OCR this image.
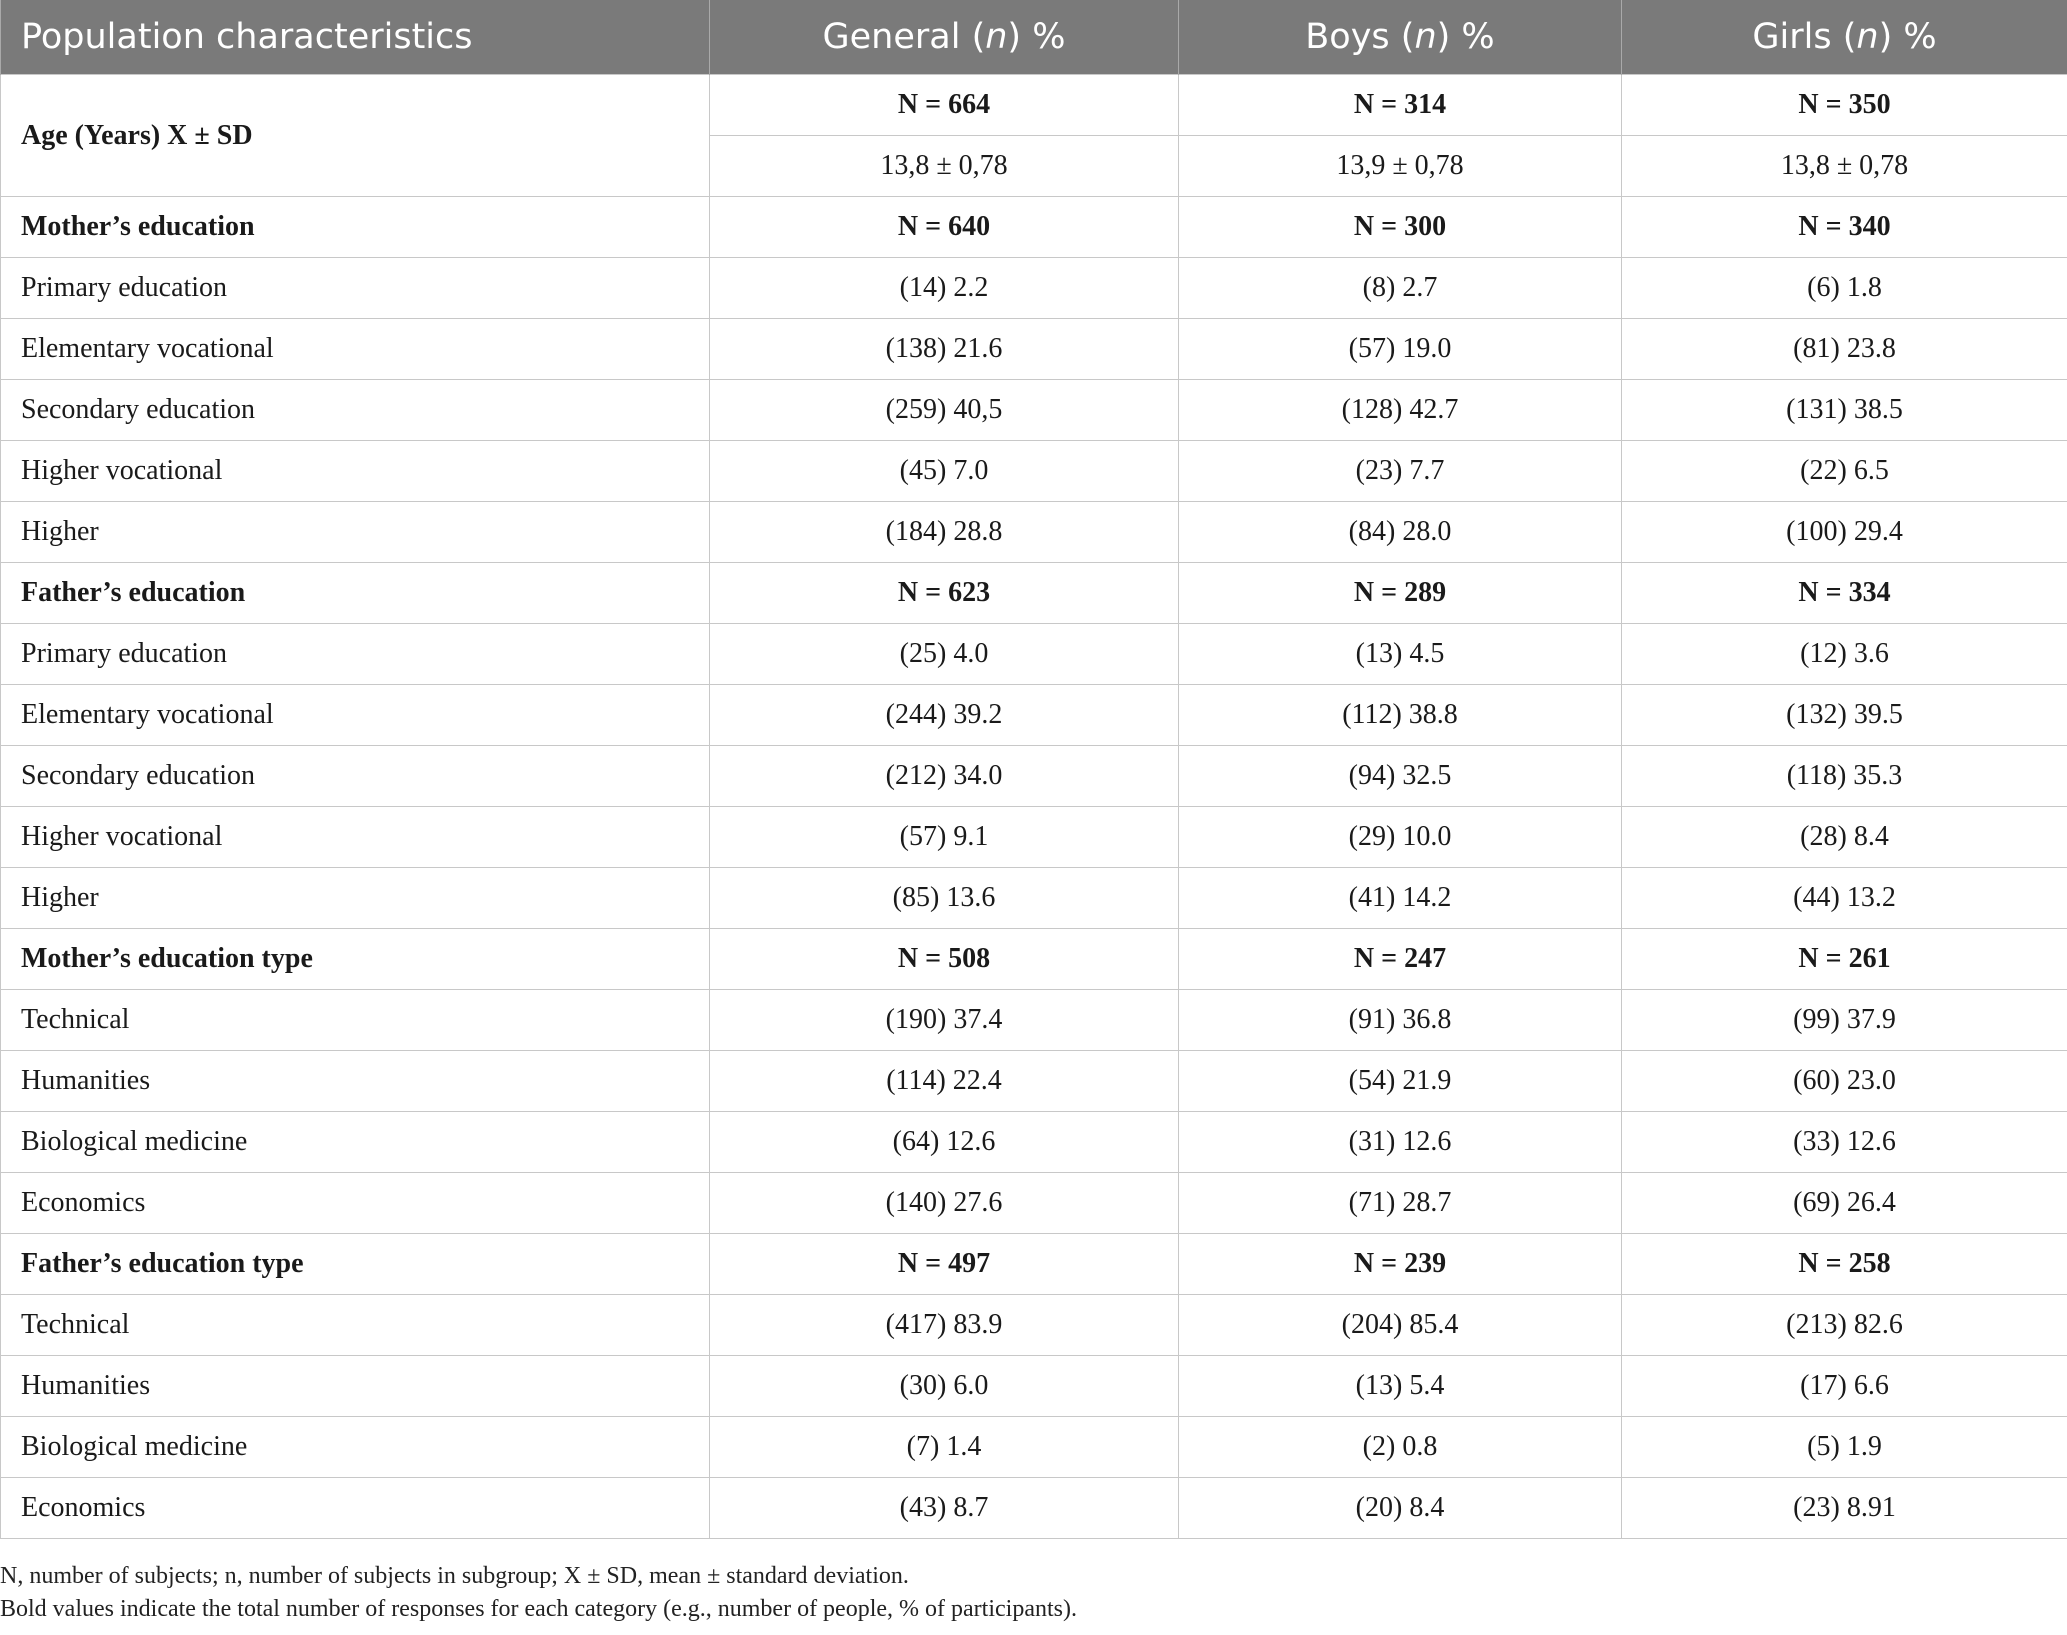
Population characteristics	General (n) %	Boys (n) %	Girls (n) %
Age (Years) X ± SD	N = 664	N = 314	N = 350
	13,8 ± 0,78	13,9 ± 0,78	13,8 ± 0,78
Mother’s education	N = 640	N = 300	N = 340
Primary education	(14) 2.2	(8) 2.7	(6) 1.8
Elementary vocational	(138) 21.6	(57) 19.0	(81) 23.8
Secondary education	(259) 40,5	(128) 42.7	(131) 38.5
Higher vocational	(45) 7.0	(23) 7.7	(22) 6.5
Higher	(184) 28.8	(84) 28.0	(100) 29.4
Father’s education	N = 623	N = 289	N = 334
Primary education	(25) 4.0	(13) 4.5	(12) 3.6
Elementary vocational	(244) 39.2	(112) 38.8	(132) 39.5
Secondary education	(212) 34.0	(94) 32.5	(118) 35.3
Higher vocational	(57) 9.1	(29) 10.0	(28) 8.4
Higher	(85) 13.6	(41) 14.2	(44) 13.2
Mother’s education type	N = 508	N = 247	N = 261
Technical	(190) 37.4	(91) 36.8	(99) 37.9
Humanities	(114) 22.4	(54) 21.9	(60) 23.0
Biological medicine	(64) 12.6	(31) 12.6	(33) 12.6
Economics	(140) 27.6	(71) 28.7	(69) 26.4
Father’s education type	N = 497	N = 239	N = 258
Technical	(417) 83.9	(204) 85.4	(213) 82.6
Humanities	(30) 6.0	(13) 5.4	(17) 6.6
Biological medicine	(7) 1.4	(2) 0.8	(5) 1.9
Economics	(43) 8.7	(20) 8.4	(23) 8.91
N, number of subjects; n, number of subjects in subgroup; X ± SD, mean ± standard deviation.
Bold values indicate the total number of responses for each category (e.g., number of people, % of participants).
